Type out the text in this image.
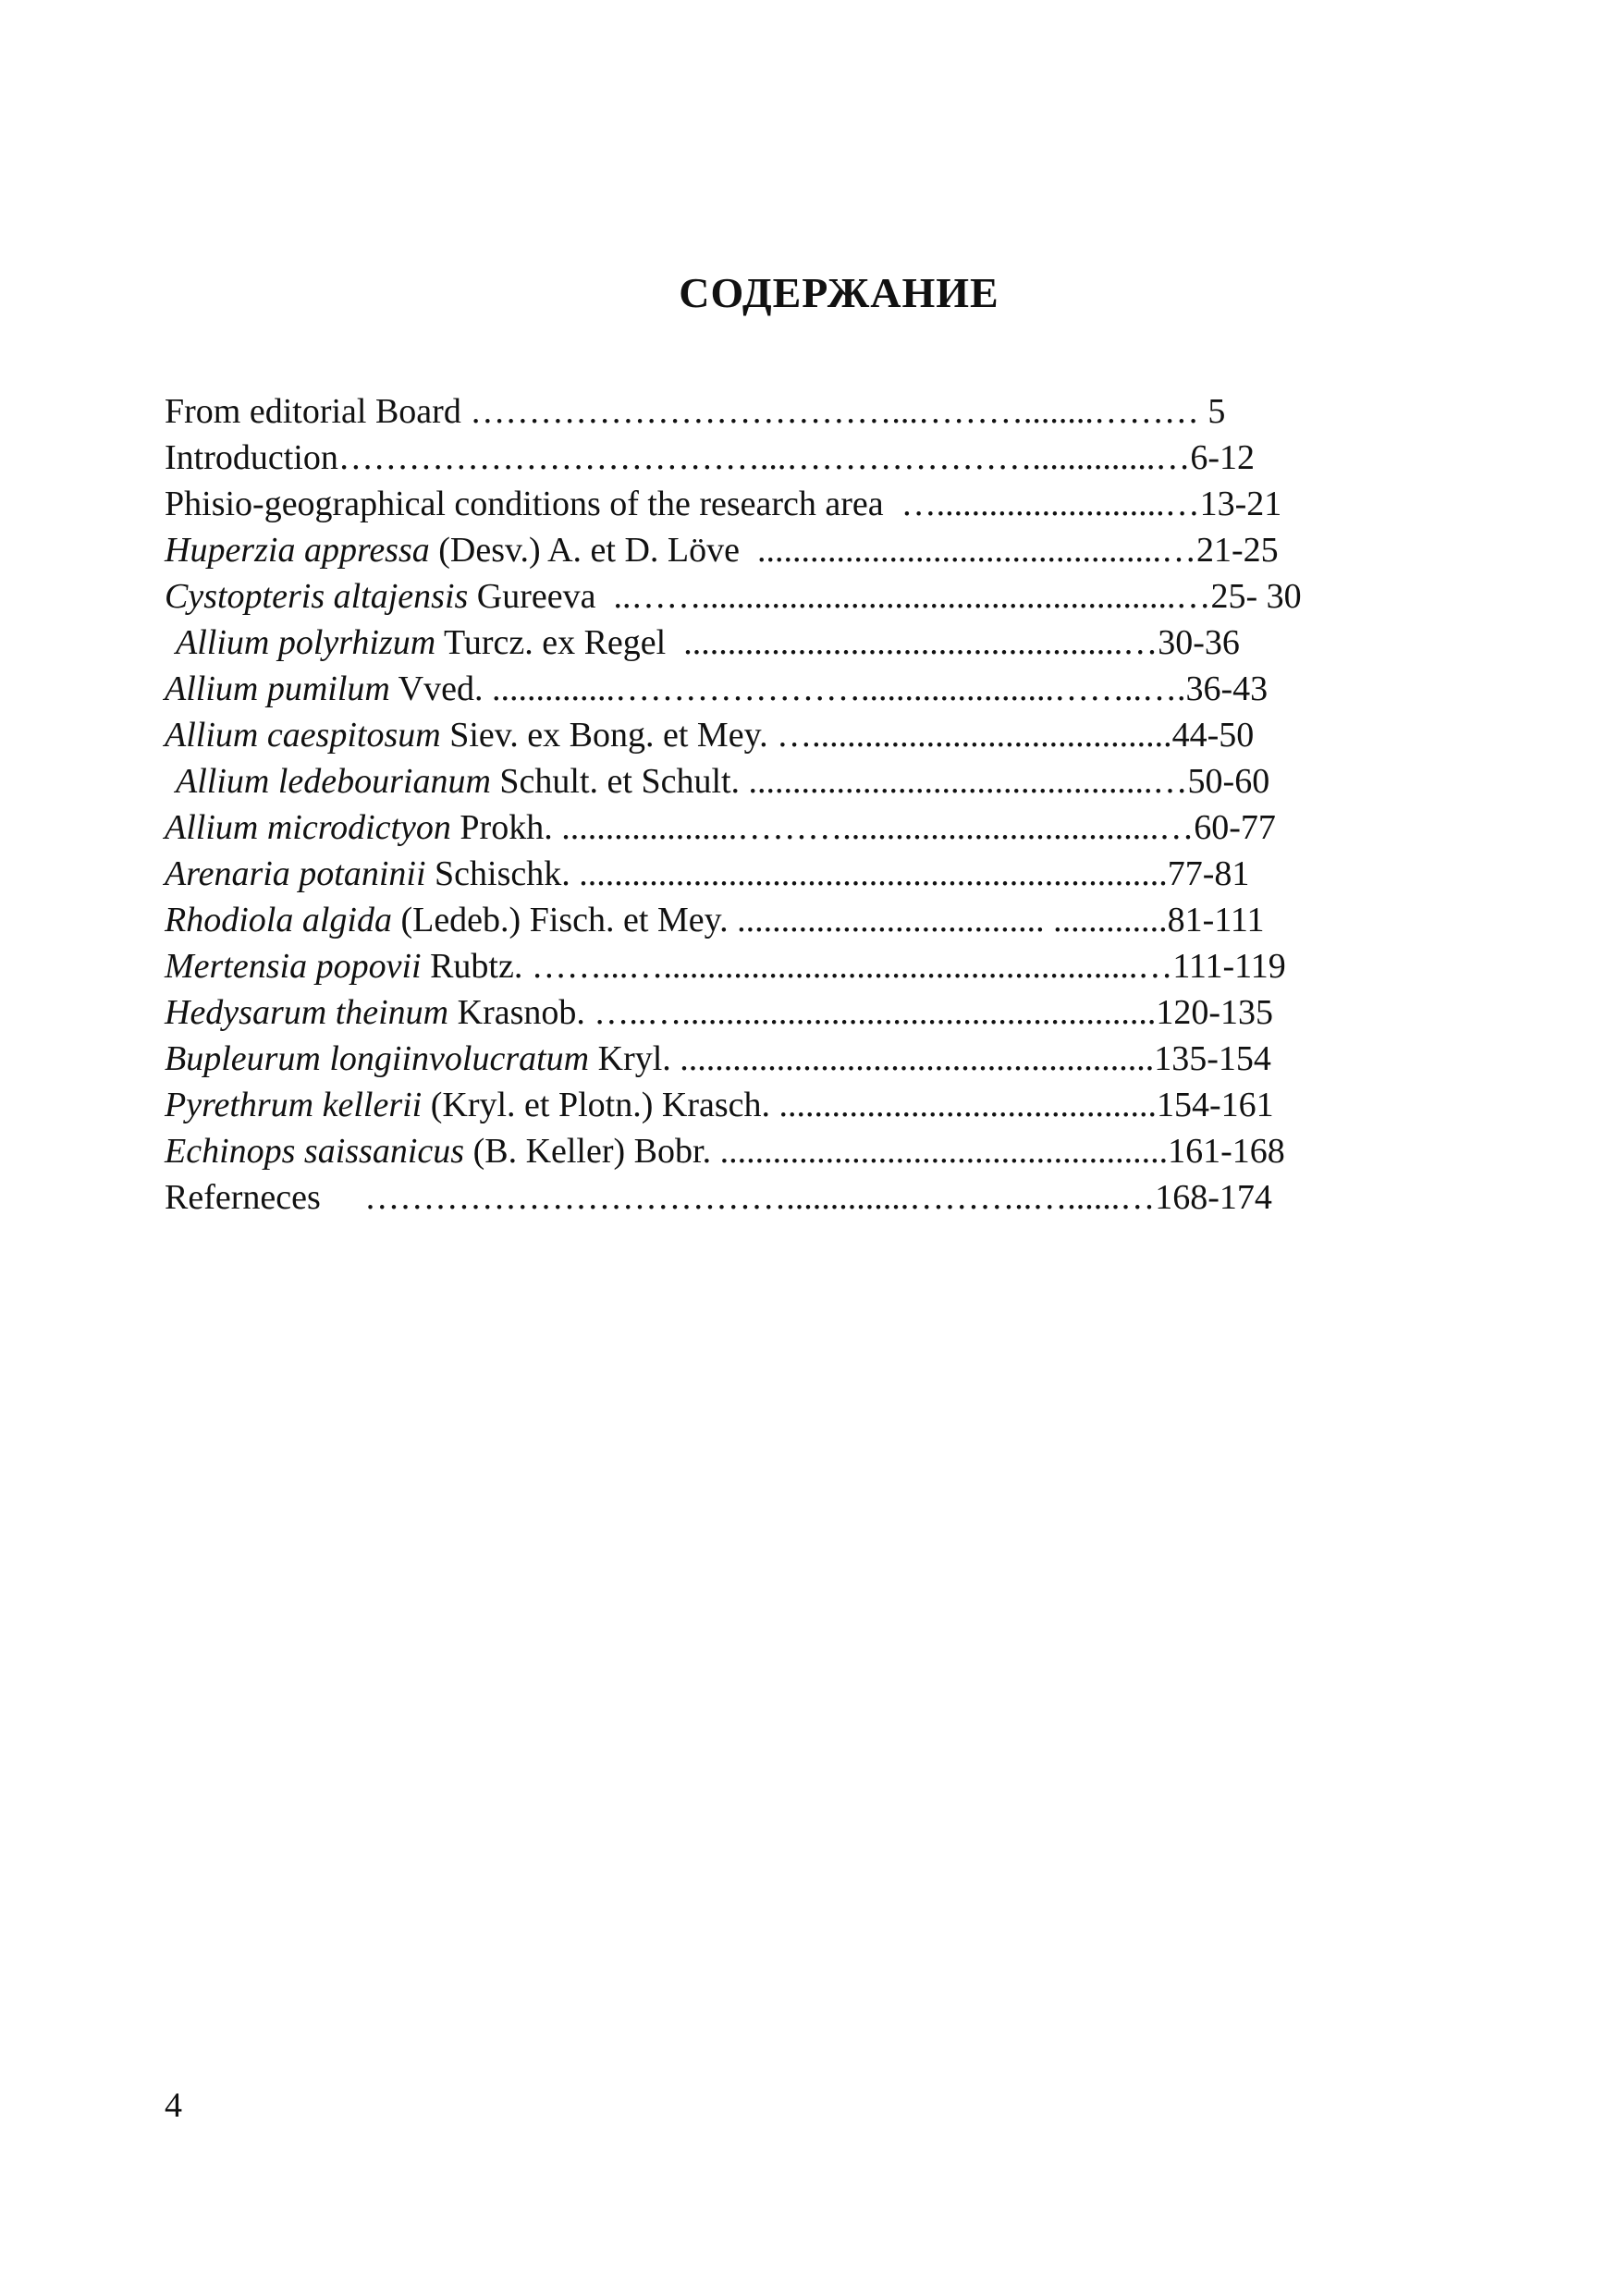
СОДЕРЖАНИЕ
From editorial Board ………………………………...………........……… 5
Introduction………………………………...…………………..............…6-12
Phisio-geographical conditions of the research area  …..........................…13-21
Huperzia appressa (Desv.) A. et D. Löve  ..............................................…21-25
Cystopteris altajensis Gureeva  ..……......................................................…25- 30
Allium polyrhizum Turcz. ex Regel  ..................................................…30-36
Allium pumilum Vved. ..............…………………......................……..….36-43
Allium caespitosum Siev. ex Bong. et Mey. ….........................................44-50
Allium ledebourianum Schult. et Schult. ..............................................…50-60
Allium microdictyon Prokh. ....................………....................................…60-77
Arenaria potaninii Schischk. ...................................................................77-81
Rhodiola algida (Ledeb.) Fisch. et Mey. ................................... .............81-111
Mertensia popovii Rubtz. ……...…......................................................…111-119
Hedysarum theinum Krasnob. …..…......................................................120-135
Bupleurum longiinvolucratum Kryl. ......................................................135-154
Pyrethrum kellerii (Kryl. et Plotn.) Krasch. ...........................................154-161
Echinops saissanicus (B. Keller) Bobr. ...................................................161-168
Referneces     ………………………………..............………..…......…168-174
4
